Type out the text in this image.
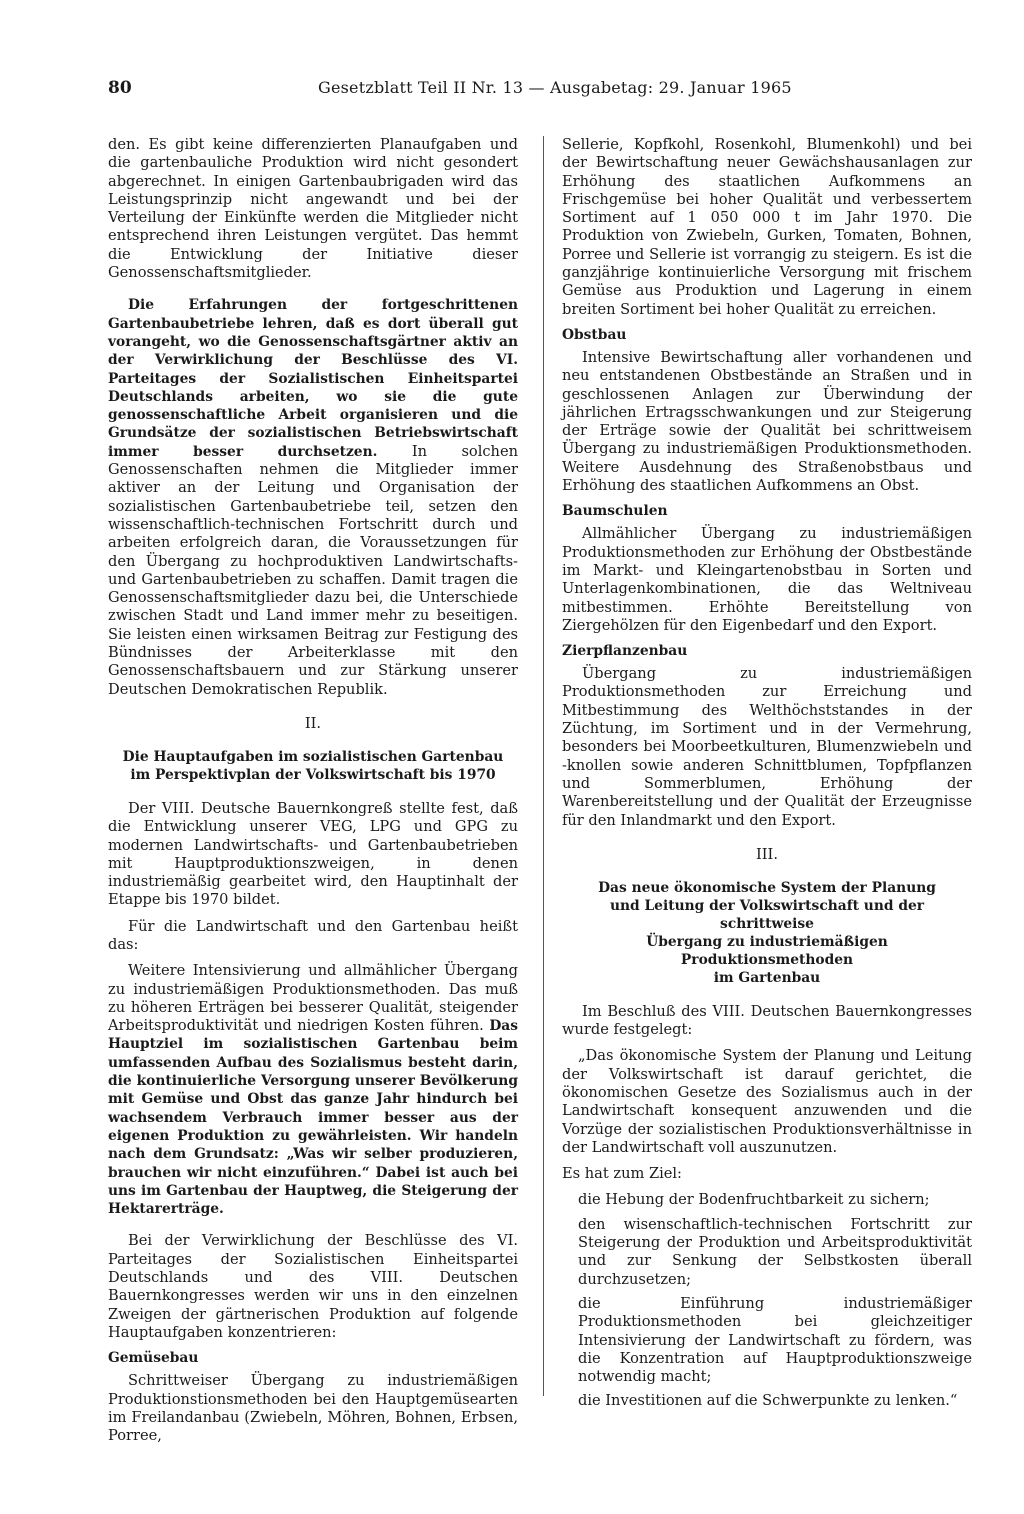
80	Gesetzblatt Teil II Nr. 13 — Ausgabetag: 29. Januar 1965

den. Es gibt keine differenzierten Planaufgaben und die gartenbauliche Produktion wird nicht gesondert abgerechnet. In einigen Gartenbaubrigaden wird das Leistungsprinzip nicht angewandt und bei der Verteilung der Einkünfte werden die Mitglieder nicht entsprechend ihren Leistungen vergütet. Das hemmt die Entwicklung der Initiative dieser Genossenschaftsmitglieder.

Die Erfahrungen der fortgeschrittenen Gartenbaubetriebe lehren, daß es dort überall gut vorangeht, wo die Genossenschaftsgärtner aktiv an der Verwirklichung der Beschlüsse des VI. Parteitages der Sozialistischen Einheitspartei Deutschlands arbeiten, wo sie die gute genossenschaftliche Arbeit organisieren und die Grundsätze der sozialistischen Betriebswirtschaft immer besser durchsetzen. In solchen Genossenschaften nehmen die Mitglieder immer aktiver an der Leitung und Organisation der sozialistischen Gartenbaubetriebe teil, setzen den wissenschaftlich-technischen Fortschritt durch und arbeiten erfolgreich daran, die Voraussetzungen für den Übergang zu hochproduktiven Landwirtschafts- und Gartenbaubetrieben zu schaffen. Damit tragen die Genossenschaftsmitglieder dazu bei, die Unterschiede zwischen Stadt und Land immer mehr zu beseitigen. Sie leisten einen wirksamen Beitrag zur Festigung des Bündnisses der Arbeiterklasse mit den Genossenschaftsbauern und zur Stärkung unserer Deutschen Demokratischen Republik.

II.
Die Hauptaufgaben im sozialistischen Gartenbau
im Perspektivplan der Volkswirtschaft bis 1970

Der VIII. Deutsche Bauernkongreß stellte fest, daß die Entwicklung unserer VEG, LPG und GPG zu modernen Landwirtschafts- und Gartenbaubetrieben mit Hauptproduktionszweigen, in denen industriemäßig gearbeitet wird, den Hauptinhalt der Etappe bis 1970 bildet.

Für die Landwirtschaft und den Gartenbau heißt das:

Weitere Intensivierung und allmählicher Übergang zu industriemäßigen Produktionsmethoden. Das muß zu höheren Erträgen bei besserer Qualität, steigender Arbeitsproduktivität und niedrigen Kosten führen. Das Hauptziel im sozialistischen Gartenbau beim umfassenden Aufbau des Sozialismus besteht darin, die kontinuierliche Versorgung unserer Bevölkerung mit Gemüse und Obst das ganze Jahr hindurch bei wachsendem Verbrauch immer besser aus der eigenen Produktion zu gewährleisten. Wir handeln nach dem Grundsatz: „Was wir selber produzieren, brauchen wir nicht einzuführen.“ Dabei ist auch bei uns im Gartenbau der Hauptweg, die Steigerung der Hektarerträge.

Bei der Verwirklichung der Beschlüsse des VI. Parteitages der Sozialistischen Einheitspartei Deutschlands und des VIII. Deutschen Bauernkongresses werden wir uns in den einzelnen Zweigen der gärtnerischen Produktion auf folgende Hauptaufgaben konzentrieren:

Gemüsebau

Schrittweiser Übergang zu industriemäßigen Produktionstionsmethoden bei den Hauptgemüsearten im Freilandanbau (Zwiebeln, Möhren, Bohnen, Erbsen, Porree,

Sellerie, Kopfkohl, Rosenkohl, Blumenkohl) und bei der Bewirtschaftung neuer Gewächshausanlagen zur Erhöhung des staatlichen Aufkommens an Frischgemüse bei hoher Qualität und verbessertem Sortiment auf 1 050 000 t im Jahr 1970. Die Produktion von Zwiebeln, Gurken, Tomaten, Bohnen, Porree und Sellerie ist vorrangig zu steigern. Es ist die ganzjährige kontinuierliche Versorgung mit frischem Gemüse aus Produktion und Lagerung in einem breiten Sortiment bei hoher Qualität zu erreichen.

Obstbau

Intensive Bewirtschaftung aller vorhandenen und neu entstandenen Obstbestände an Straßen und in geschlossenen Anlagen zur Überwindung der jährlichen Ertragsschwankungen und zur Steigerung der Erträge sowie der Qualität bei schrittweisem Übergang zu industriemäßigen Produktionsmethoden. Weitere Ausdehnung des Straßenobstbaus und Erhöhung des staatlichen Aufkommens an Obst.

Baumschulen

Allmählicher Übergang zu industriemäßigen Produktionsmethoden zur Erhöhung der Obstbestände im Markt- und Kleingartenobstbau in Sorten und Unterlagenkombinationen, die das Weltniveau mitbestimmen. Erhöhte Bereitstellung von Ziergehölzen für den Eigenbedarf und den Export.

Zierpflanzenbau

Übergang zu industriemäßigen Produktionsmethoden zur Erreichung und Mitbestimmung des Welthöchststandes in der Züchtung, im Sortiment und in der Vermehrung, besonders bei Moorbeetkulturen, Blumenzwiebeln und -knollen sowie anderen Schnittblumen, Topfpflanzen und Sommerblumen, Erhöhung der Warenbereitstellung und der Qualität der Erzeugnisse für den Inlandmarkt und den Export.

III.
Das neue ökonomische System der Planung
und Leitung der Volkswirtschaft und der schrittweise
Übergang zu industriemäßigen Produktionsmethoden
im Gartenbau

Im Beschluß des VIII. Deutschen Bauernkongresses wurde festgelegt:

„Das ökonomische System der Planung und Leitung der Volkswirtschaft ist darauf gerichtet, die ökonomischen Gesetze des Sozialismus auch in der Landwirtschaft konsequent anzuwenden und die Vorzüge der sozialistischen Produktionsverhältnisse in der Landwirtschaft voll auszunutzen.

Es hat zum Ziel:

die Hebung der Bodenfruchtbarkeit zu sichern;

den wisenschaftlich-technischen Fortschritt zur Steigerung der Produktion und Arbeitsproduktivität und zur Senkung der Selbstkosten überall durchzusetzen;

die Einführung industriemäßiger Produktionsmethoden bei gleichzeitiger Intensivierung der Landwirtschaft zu fördern, was die Konzentration auf Hauptproduktionszweige notwendig macht;

die Investitionen auf die Schwerpunkte zu lenken.“
